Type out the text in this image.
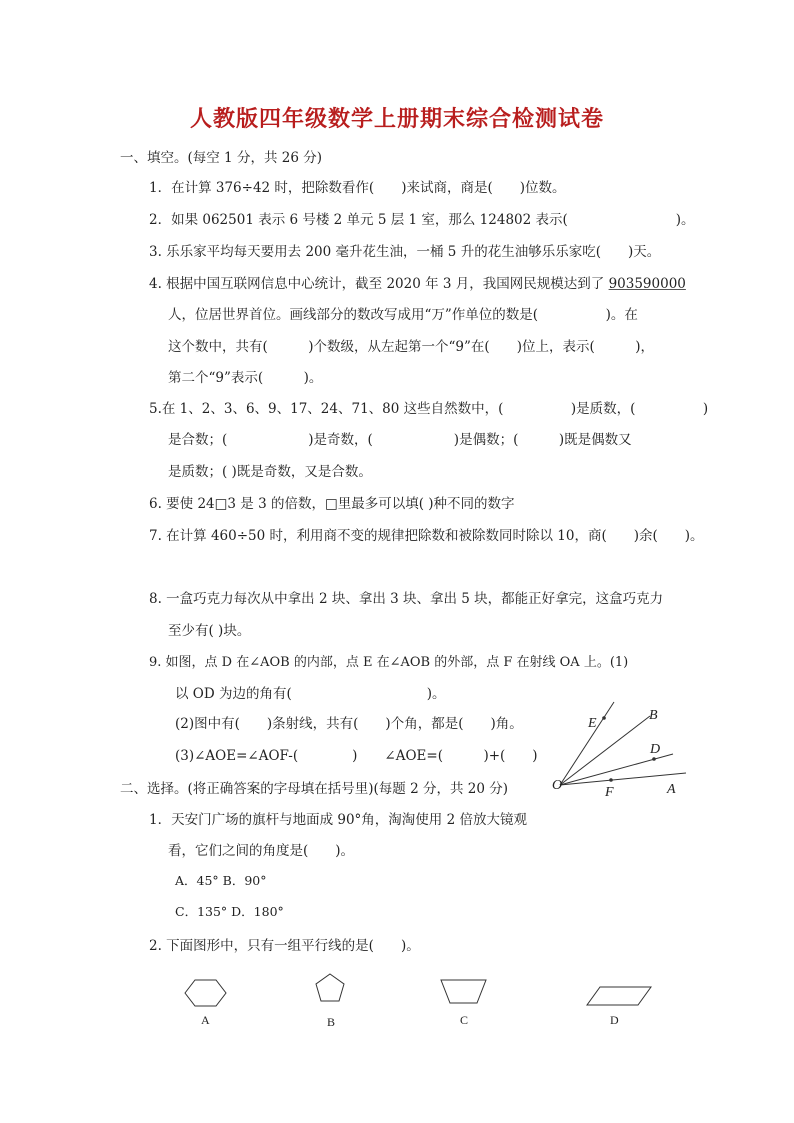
人教版四年级数学上册期末综合检测试卷
一、填空。(每空 1 分，共 26 分)
1．在计算 376÷42 时，把除数看作(　　)来试商，商是(　　)位数。
2．如果 062501 表示 6 号楼 2 单元 5 层 1 室，那么 124802 表示(　　　　　　　　)。
3. 乐乐家平均每天要用去 200 毫升花生油，一桶 5 升的花生油够乐乐家吃(　　)天。
4. 根据中国互联网信息中心统计，截至 2020 年 3 月，我国网民规模达到了 903590000
人，位居世界首位。画线部分的数改写成用“万”作单位的数是(　　　　　)。在
这个数中，共有(　　　)个数级，从左起第一个“9”在(　　)位上，表示(　　　)，
第二个“9”表示(　　　)。
5.在 1、2、3、6、9、17、24、71、80 这些自然数中，(　　　　　)是质数，(　　　　　)
是合数；(　　　　　　)是奇数，(　　　　　　)是偶数；(　　　)既是偶数又
是质数；( )既是奇数，又是合数。
6. 要使 24□3 是 3 的倍数，□里最多可以填( )种不同的数字
7. 在计算 460÷50 时，利用商不变的规律把除数和被除数同时除以 10，商(　　)余(　　)。
8. 一盒巧克力每次从中拿出 2 块、拿出 3 块、拿出 5 块，都能正好拿完，这盒巧克力
至少有( )块。
9. 如图，点 D 在∠AOB 的内部，点 E 在∠AOB 的外部，点 F 在射线 OA 上。(1)
以 OD 为边的角有(　　　　　　　　　　)。
(2)图中有(　　)条射线，共有(　　)个角，都是(　　)角。
(3)∠AOE=∠AOF-(　　　　)　　∠AOE=(　　　)+(　　)
E
B
D
O	F	A
二、选择。(将正确答案的字母填在括号里)(每题 2 分，共 20 分)
1．天安门广场的旗杆与地面成 90°角，淘淘使用 2 倍放大镜观
看，它们之间的角度是(　　)。
A．45° B．90°
C．135° D．180°
2. 下面图形中，只有一组平行线的是(　　)。
A	B	C	D
